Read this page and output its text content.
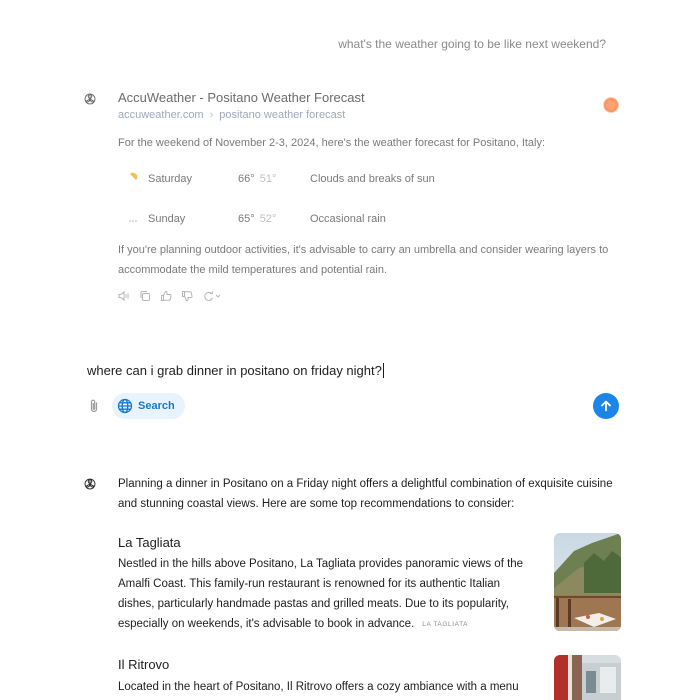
what's the weather going to be like next weekend?
AccuWeather - Positano Weather Forecast
accuweather.com › positano weather forecast
For the weekend of November 2-3, 2024, here's the weather forecast for Positano, Italy:
Saturday	66° 51°	Clouds and breaks of sun
Sunday	65° 52°	Occasional rain
If you're planning outdoor activities, it's advisable to carry an umbrella and consider wearing layers to accommodate the mild temperatures and potential rain.
where can i grab dinner in positano on friday night?
Search
Planning a dinner in Positano on a Friday night offers a delightful combination of exquisite cuisine and stunning coastal views. Here are some top recommendations to consider:
La Tagliata
Nestled in the hills above Positano, La Tagliata provides panoramic views of the Amalfi Coast. This family-run restaurant is renowned for its authentic Italian dishes, particularly handmade pastas and grilled meats. Due to its popularity, especially on weekends, it's advisable to book in advance. LA TAGLIATA
Il Ritrovo
Located in the heart of Positano, Il Ritrovo offers a cozy ambiance with a menu
